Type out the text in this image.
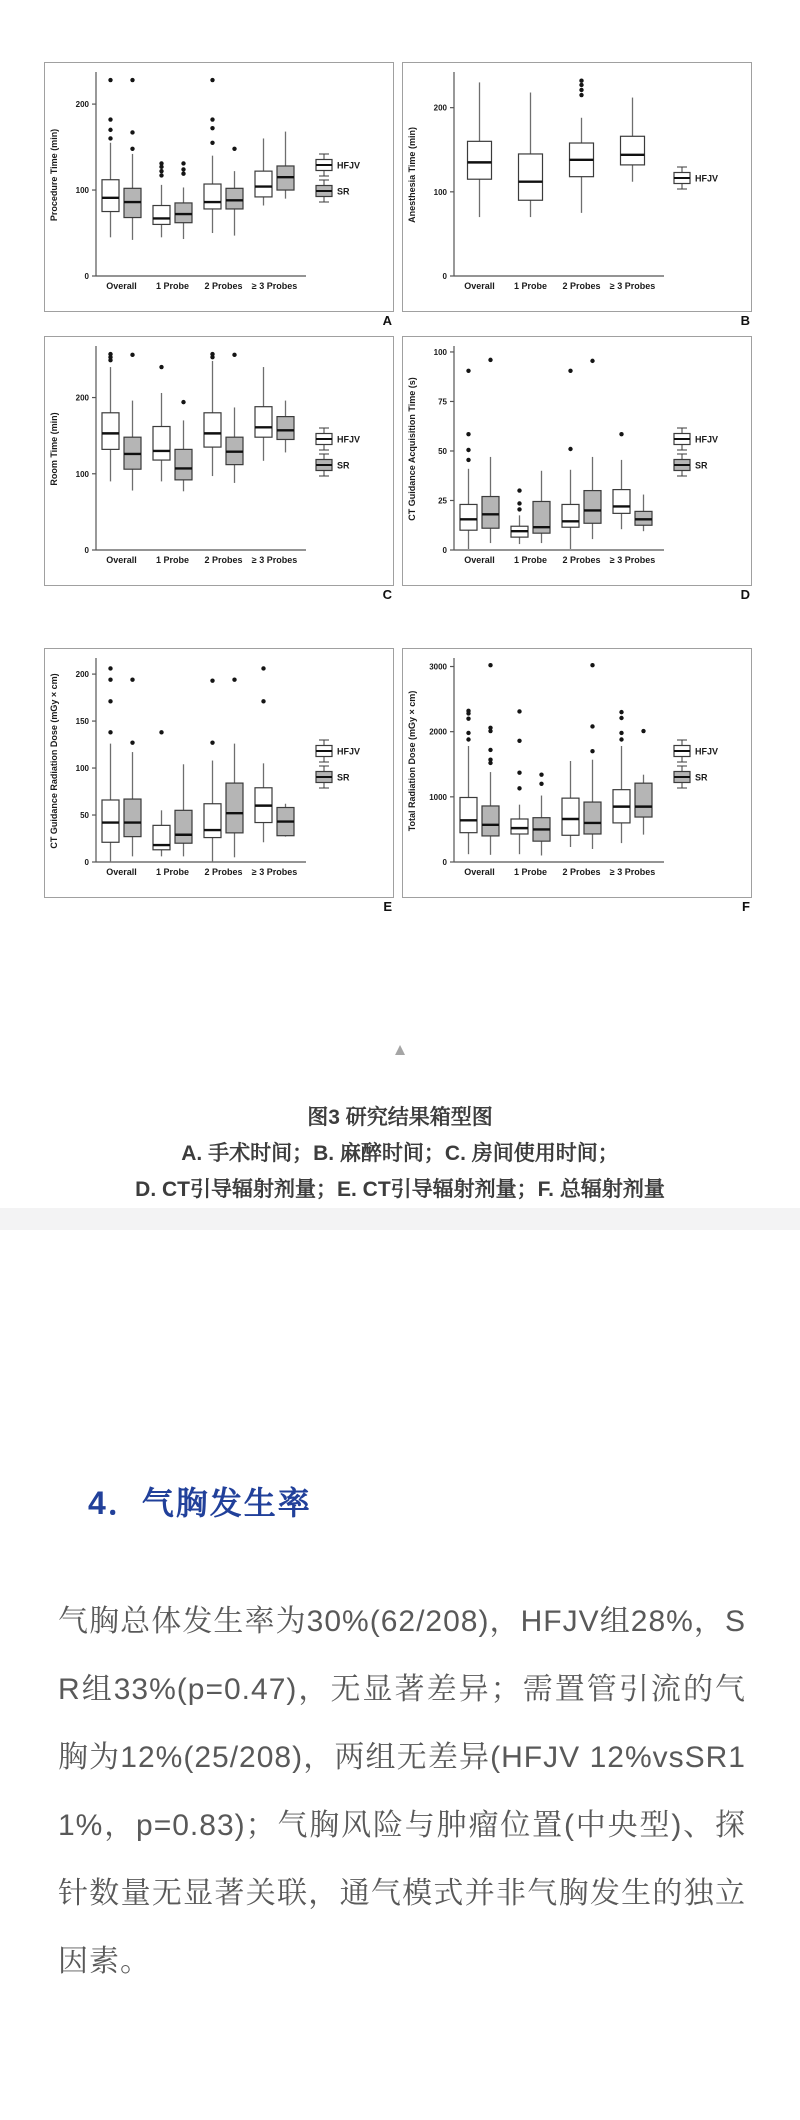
0
100
200
Procedure Time (min)
Overall 1 Probe 2 Probes ≥ 3 Probes
HFJV
SR
A
0
100
200
Anesthesia Time (min)
Overall 1 Probe 2 Probes ≥ 3 Probes
HFJV
B
0
100
200
Room Time (min)
Overall 1 Probe 2 Probes ≥ 3 Probes
HFJV
SR
C
0
25
50
75
100
CT Guidance Acquisition Time (s)
Overall 1 Probe 2 Probes ≥ 3 Probes
HFJV
SR
D
0
50
100
150
200
CT Guidance Radiation Dose (mGy × cm)
Overall 1 Probe 2 Probes ≥ 3 Probes
HFJV
SR
E
0
1000
2000
3000
Total Radiation Dose (mGy × cm)
Overall 1 Probe 2 Probes ≥ 3 Probes
HFJV
SR
F
▲
图3 研究结果箱型图
A. 手术时间；B. 麻醉时间；C. 房间使用时间；
D. CT引导辐射剂量；E. CT引导辐射剂量；F. 总辐射剂量
4．气胸发生率
气胸总体发生率为30%(62/208)，HFJV组28%，SR组33%(p=0.47)，无显著差异；需置管引流的气胸为12%(25/208)，两组无差异(HFJV 12%vsSR11%，p=0.83)；气胸风险与肿瘤位置(中央型)、探针数量无显著关联，通气模式并非气胸发生的独立因素。
